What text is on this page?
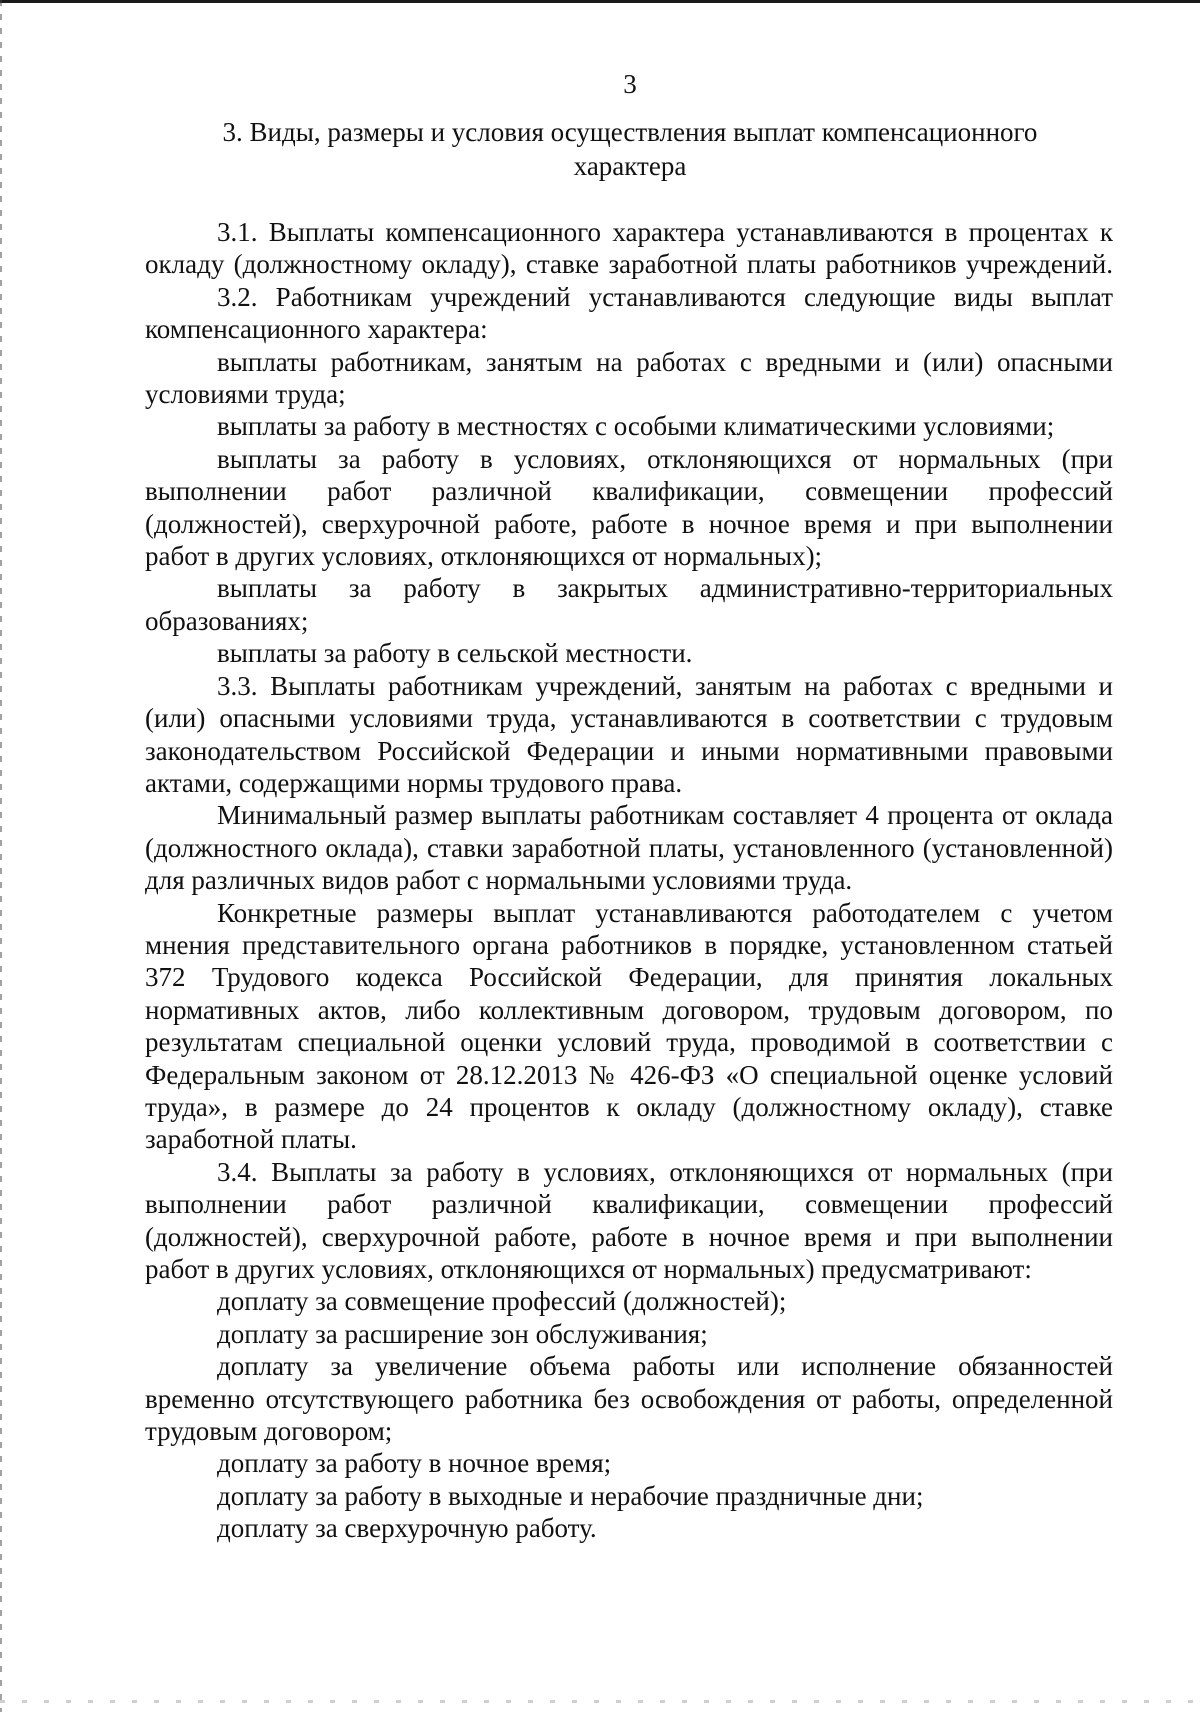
3
3. Виды, размеры и условия осуществления выплат компенсационного характера

3.1. Выплаты компенсационного характера устанавливаются в процентах к окладу (должностному окладу), ставке заработной платы работников учреждений.

3.2. Работникам учреждений устанавливаются следующие виды выплат компенсационного характера:

выплаты работникам, занятым на работах с вредными и (или) опасными условиями труда;

выплаты за работу в местностях с особыми климатическими условиями;

выплаты за работу в условиях, отклоняющихся от нормальных (при выполнении работ различной квалификации, совмещении профессий (должностей), сверхурочной работе, работе в ночное время и при выполнении работ в других условиях, отклоняющихся от нормальных);

выплаты за работу в закрытых административно-территориальных образованиях;

выплаты за работу в сельской местности.

3.3. Выплаты работникам учреждений, занятым на работах с вредными и (или) опасными условиями труда, устанавливаются в соответствии с трудовым законодательством Российской Федерации и иными нормативными правовыми актами, содержащими нормы трудового права.

Минимальный размер выплаты работникам составляет 4 процента от оклада (должностного оклада), ставки заработной платы, установленного (установленной) для различных видов работ с нормальными условиями труда.

Конкретные размеры выплат устанавливаются работодателем с учетом мнения представительного органа работников в порядке, установленном статьей 372 Трудового кодекса Российской Федерации, для принятия локальных нормативных актов, либо коллективным договором, трудовым договором, по результатам специальной оценки условий труда, проводимой в соответствии с Федеральным законом от 28.12.2013 № 426-ФЗ «О специальной оценке условий труда», в размере до 24 процентов к окладу (должностному окладу), ставке заработной платы.

3.4. Выплаты за работу в условиях, отклоняющихся от нормальных (при выполнении работ различной квалификации, совмещении профессий (должностей), сверхурочной работе, работе в ночное время и при выполнении работ в других условиях, отклоняющихся от нормальных) предусматривают:

доплату за совмещение профессий (должностей);

доплату за расширение зон обслуживания;

доплату за увеличение объема работы или исполнение обязанностей временно отсутствующего работника без освобождения от работы, определенной трудовым договором;

доплату за работу в ночное время;

доплату за работу в выходные и нерабочие праздничные дни;

доплату за сверхурочную работу.
